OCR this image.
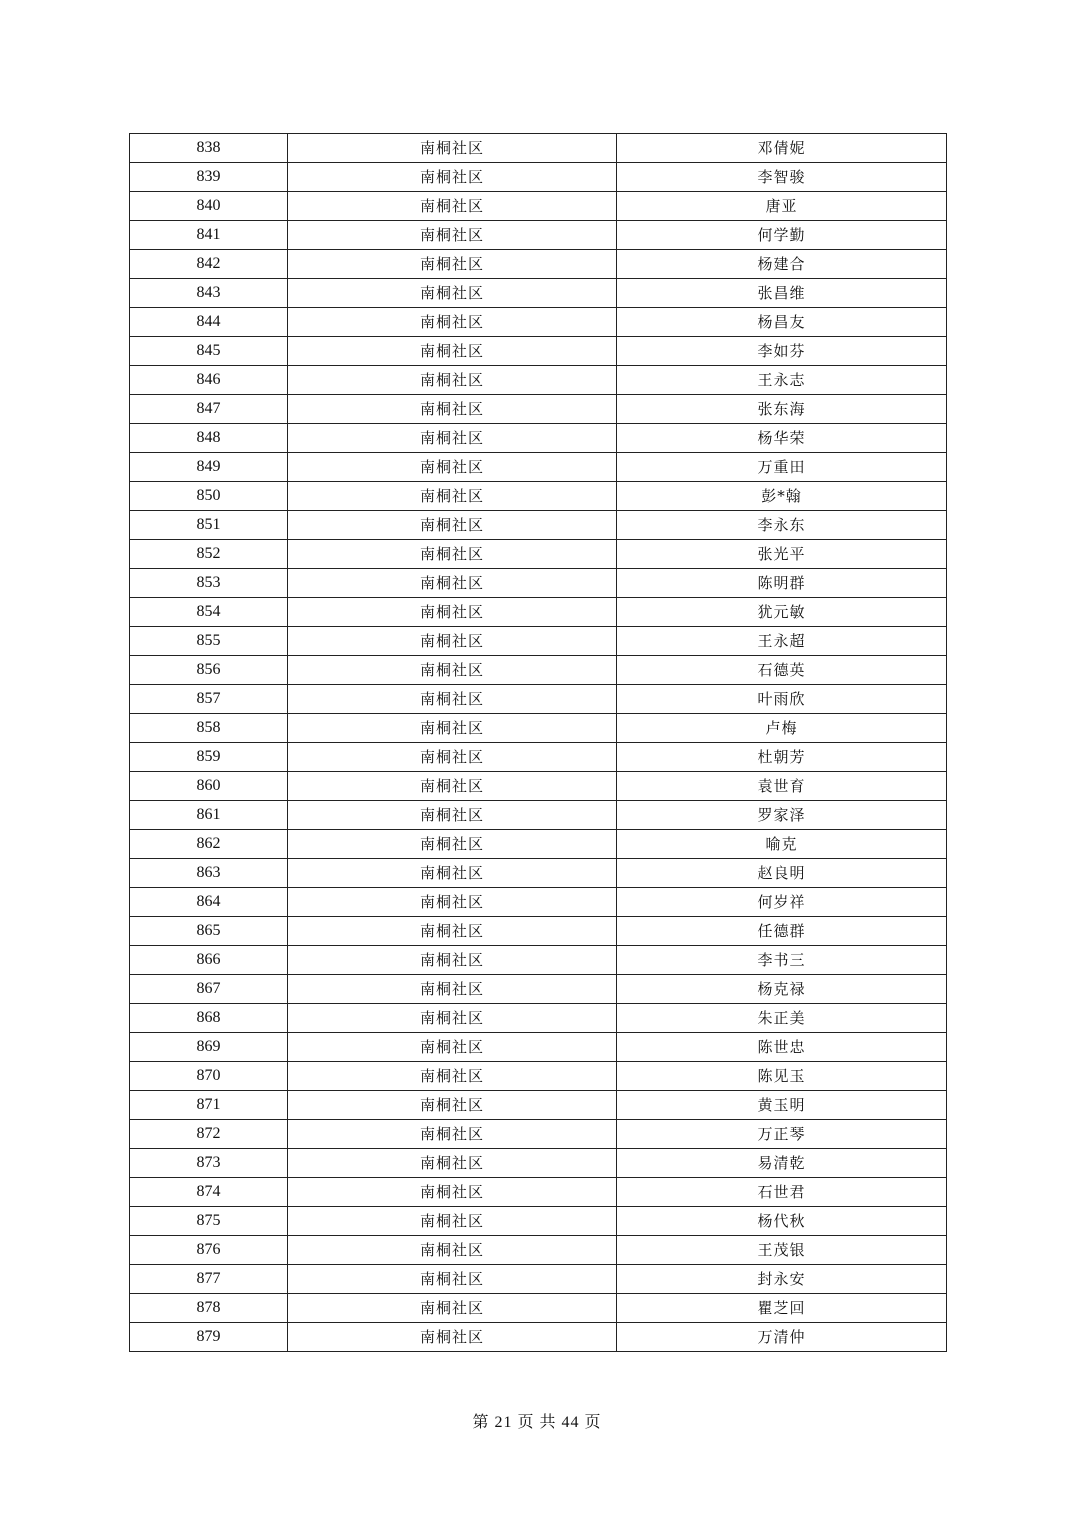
838	南桐社区	邓倩妮
839	南桐社区	李智骏
840	南桐社区	唐亚
841	南桐社区	何学勤
842	南桐社区	杨建合
843	南桐社区	张昌维
844	南桐社区	杨昌友
845	南桐社区	李如芬
846	南桐社区	王永志
847	南桐社区	张东海
848	南桐社区	杨华荣
849	南桐社区	万重田
850	南桐社区	彭*翰
851	南桐社区	李永东
852	南桐社区	张光平
853	南桐社区	陈明群
854	南桐社区	犹元敏
855	南桐社区	王永超
856	南桐社区	石德英
857	南桐社区	叶雨欣
858	南桐社区	卢梅
859	南桐社区	杜朝芳
860	南桐社区	袁世育
861	南桐社区	罗家泽
862	南桐社区	喻克
863	南桐社区	赵良明
864	南桐社区	何岁祥
865	南桐社区	任德群
866	南桐社区	李书三
867	南桐社区	杨克禄
868	南桐社区	朱正美
869	南桐社区	陈世忠
870	南桐社区	陈见玉
871	南桐社区	黄玉明
872	南桐社区	万正琴
873	南桐社区	易清乾
874	南桐社区	石世君
875	南桐社区	杨代秋
876	南桐社区	王茂银
877	南桐社区	封永安
878	南桐社区	瞿芝回
879	南桐社区	万清仲
第 21 页 共 44 页
